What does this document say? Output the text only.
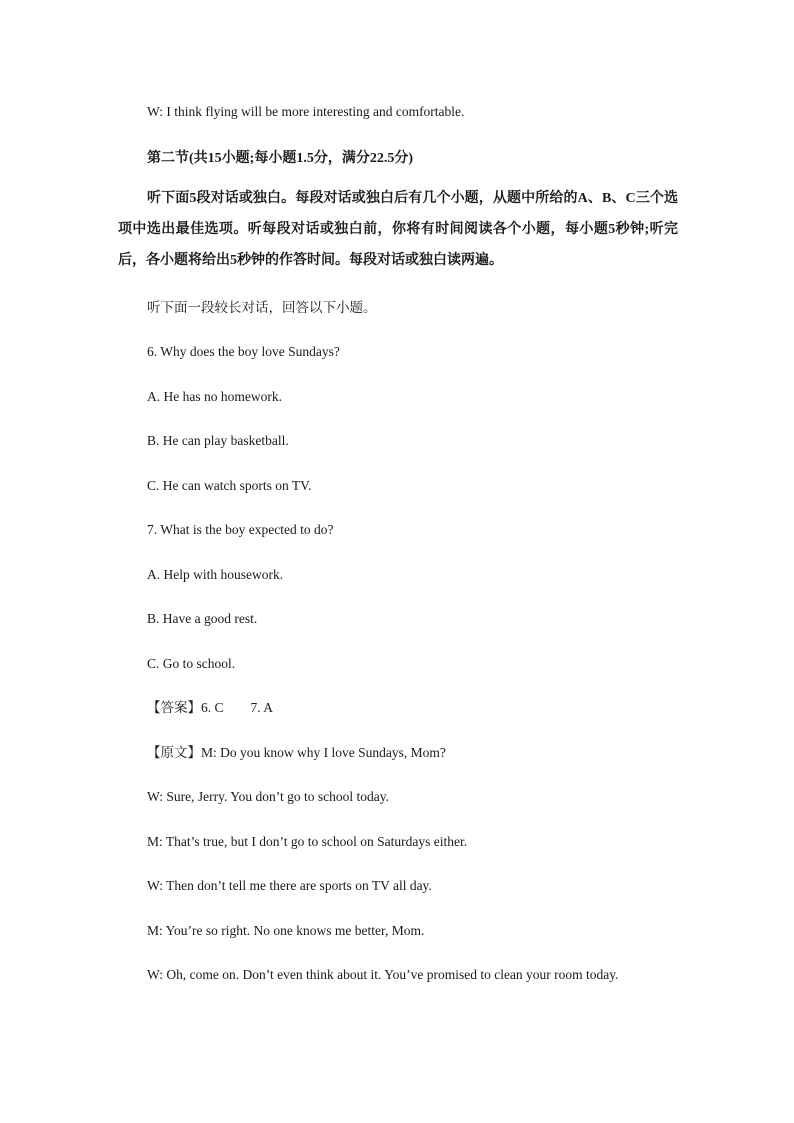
W: I think flying will be more interesting and comfortable.
第二节(共15小题;每小题1.5分，满分22.5分)
听下面5段对话或独白。每段对话或独白后有几个小题，从题中所给的A、B、C三个选项中选出最佳选项。听每段对话或独白前，你将有时间阅读各个小题，每小题5秒钟;听完后，各小题将给出5秒钟的作答时间。每段对话或独白读两遍。
听下面一段较长对话，回答以下小题。
6. Why does the boy love Sundays?
A. He has no homework.
B. He can play basketball.
C. He can watch sports on TV.
7. What is the boy expected to do?
A. Help with housework.
B. Have a good rest.
C. Go to school.
【答案】6. C        7. A
【原文】M: Do you know why I love Sundays, Mom?
W: Sure, Jerry. You don’t go to school today.
M: That’s true, but I don’t go to school on Saturdays either.
W: Then don’t tell me there are sports on TV all day.
M: You’re so right. No one knows me better, Mom.
W: Oh, come on. Don’t even think about it. You’ve promised to clean your room today.
